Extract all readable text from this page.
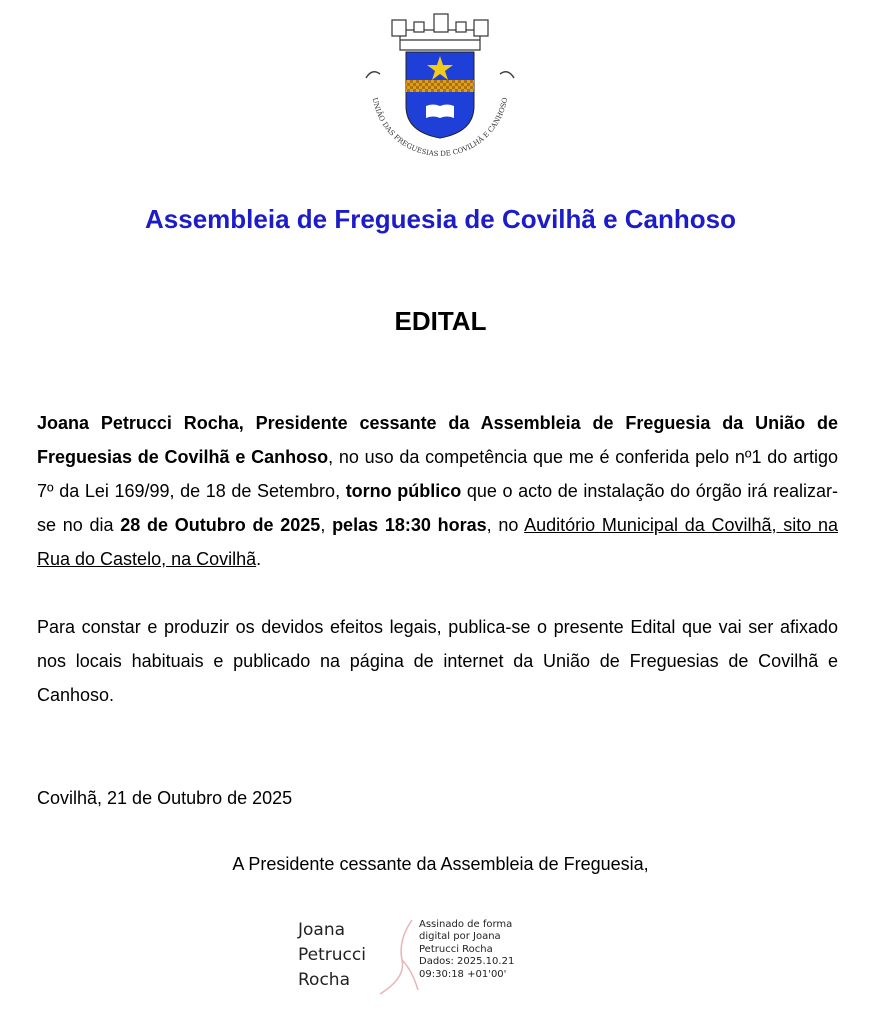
UNIÃO DAS FREGUESIAS DE COVILHÃ E CANHOSO
Assembleia de Freguesia de Covilhã e Canhoso
EDITAL
Joana Petrucci Rocha, Presidente cessante da Assembleia de Freguesia da União de Freguesias de Covilhã e Canhoso, no uso da competência que me é conferida pelo nº1 do artigo 7º da Lei 169/99, de 18 de Setembro, torno público que o acto de instalação do órgão irá realizar-se no dia 28 de Outubro de 2025, pelas 18:30 horas, no Auditório Municipal da Covilhã, sito na Rua do Castelo, na Covilhã.
Para constar e produzir os devidos efeitos legais, publica-se o presente Edital que vai ser afixado nos locais habituais e publicado na página de internet da União de Freguesias de Covilhã e Canhoso.
Covilhã, 21 de Outubro de 2025
A Presidente cessante da Assembleia de Freguesia,
Joana
Petrucci
Rocha
Assinado de forma
digital por Joana
Petrucci Rocha
Dados: 2025.10.21
09:30:18 +01'00'
